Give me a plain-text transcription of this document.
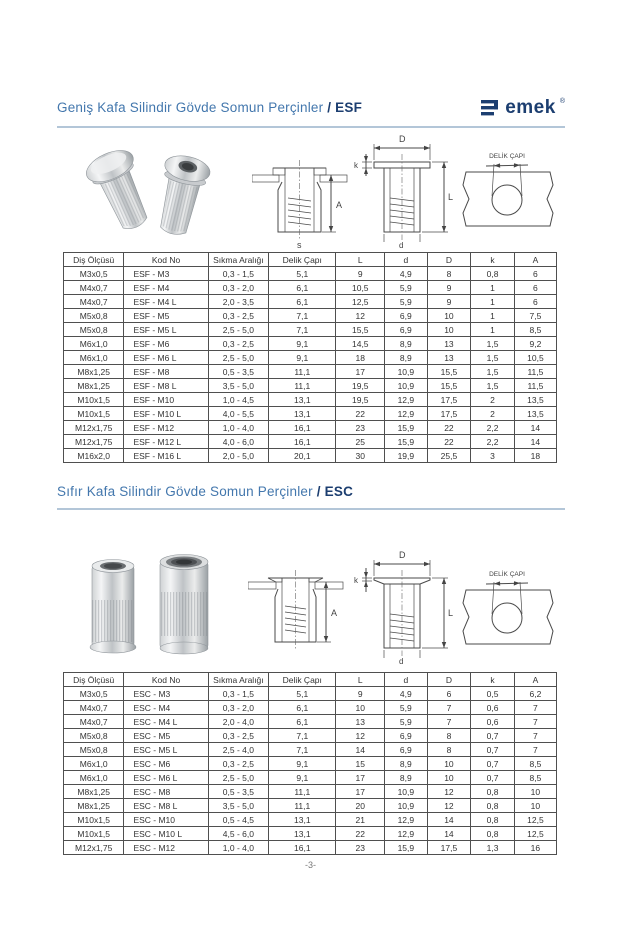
Geniş Kafa Silindir Gövde Somun Perçinler / ESF	emek ®
A
s
D
k
L
d
DELİK ÇAPI
Diş Ölçüsü	Kod No	Sıkma Aralığı	Delik Çapı	L	d	D	k	A
M3x0,5	ESF - M3	0,3 - 1,5	5,1	9	4,9	8	0,8	6
M4x0,7	ESF - M4	0,3 - 2,0	6,1	10,5	5,9	9	1	6
M4x0,7	ESF - M4 L	2,0 - 3,5	6,1	12,5	5,9	9	1	6
M5x0,8	ESF - M5	0,3 - 2,5	7,1	12	6,9	10	1	7,5
M5x0,8	ESF - M5 L	2,5 - 5,0	7,1	15,5	6,9	10	1	8,5
M6x1,0	ESF - M6	0,3 - 2,5	9,1	14,5	8,9	13	1,5	9,2
M6x1,0	ESF - M6 L	2,5 - 5,0	9,1	18	8,9	13	1,5	10,5
M8x1,25	ESF - M8	0,5 - 3,5	11,1	17	10,9	15,5	1,5	11,5
M8x1,25	ESF - M8 L	3,5 - 5,0	11,1	19,5	10,9	15,5	1,5	11,5
M10x1,5	ESF - M10	1,0 - 4,5	13,1	19,5	12,9	17,5	2	13,5
M10x1,5	ESF - M10 L	4,0 - 5,5	13,1	22	12,9	17,5	2	13,5
M12x1,75	ESF - M12	1,0 - 4,0	16,1	23	15,9	22	2,2	14
M12x1,75	ESF - M12 L	4,0 - 6,0	16,1	25	15,9	22	2,2	14
M16x2,0	ESF - M16 L	2,0 - 5,0	20,1	30	19,9	25,5	3	18
Sıfır Kafa Silindir Gövde Somun Perçinler / ESC
A
D
k
L
d
DELİK ÇAPI
Diş Ölçüsü	Kod No	Sıkma Aralığı	Delik Çapı	L	d	D	k	A
M3x0,5	ESC - M3	0,3 - 1,5	5,1	9	4,9	6	0,5	6,2
M4x0,7	ESC - M4	0,3 - 2,0	6,1	10	5,9	7	0,6	7
M4x0,7	ESC - M4 L	2,0 - 4,0	6,1	13	5,9	7	0,6	7
M5x0,8	ESC - M5	0,3 - 2,5	7,1	12	6,9	8	0,7	7
M5x0,8	ESC - M5 L	2,5 - 4,0	7,1	14	6,9	8	0,7	7
M6x1,0	ESC - M6	0,3 - 2,5	9,1	15	8,9	10	0,7	8,5
M6x1,0	ESC - M6 L	2,5 - 5,0	9,1	17	8,9	10	0,7	8,5
M8x1,25	ESC - M8	0,5 - 3,5	11,1	17	10,9	12	0,8	10
M8x1,25	ESC - M8 L	3,5 - 5,0	11,1	20	10,9	12	0,8	10
M10x1,5	ESC - M10	0,5 - 4,5	13,1	21	12,9	14	0,8	12,5
M10x1,5	ESC - M10 L	4,5 - 6,0	13,1	22	12,9	14	0,8	12,5
M12x1,75	ESC - M12	1,0 - 4,0	16,1	23	15,9	17,5	1,3	16
-3-
